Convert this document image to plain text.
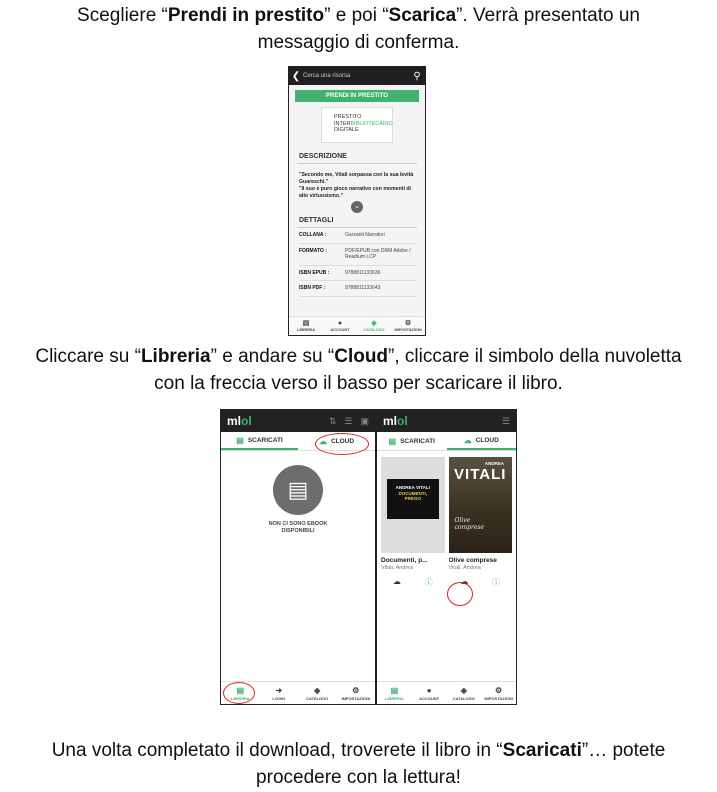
Scegliere “Prendi in prestito” e poi “Scarica”. Verrà presentato un
messaggio di conferma.
❮ Cerca una risorsa	⚲
PRENDI IN PRESTITO
PRESTITO
INTERBIBLIOTECARIO
DIGITALE
DESCRIZIONE
"Secondo me, Vitali sorpassa con la sua levità Guareschi."
"Il suo è puro gioco narrativo con momenti di alto virtuosismo."
⌄
DETTAGLI
COLLANA :	Garzanti Narratori
FORMATO :	PDF/EPUB con DRM Adobe / Readium LCP
ISBN EPUB :	9788811133636
ISBN PDF :	9788811133643
▤
LIBRERIA
●
ACCOUNT
◈
CATALOGO
⚙
IMPOSTAZIONI
Cliccare su “Libreria” e andare su “Cloud”, cliccare il simbolo della nuvoletta
con la freccia verso il basso per scaricare il libro.
mlol	⇅ ☰ ▣
▤ SCARICATI	☁ CLOUD
▤
NON CI SONO EBOOK
DISPONIBILI
▤
LIBRERIA
➜
LOGIN
◈
CATALOGO
⚙
IMPOSTAZIONI
mlol	☰
▤ SCARICATI	☁ CLOUD
ANDREA VITALI
DOCUMENTI,
PREGO
Documenti, p...
Vitali, Andrea
☁	ⓘ
ANDREA
VITALI
Olive
comprese
Olive comprese
Vitali, Andrea
☁	ⓘ
▤
LIBRERIA
●
ACCOUNT
◈
CATALOGO
⚙
IMPOSTAZIONI
Una volta completato il download, troverete il libro in “Scaricati”… potete
procedere con la lettura!
